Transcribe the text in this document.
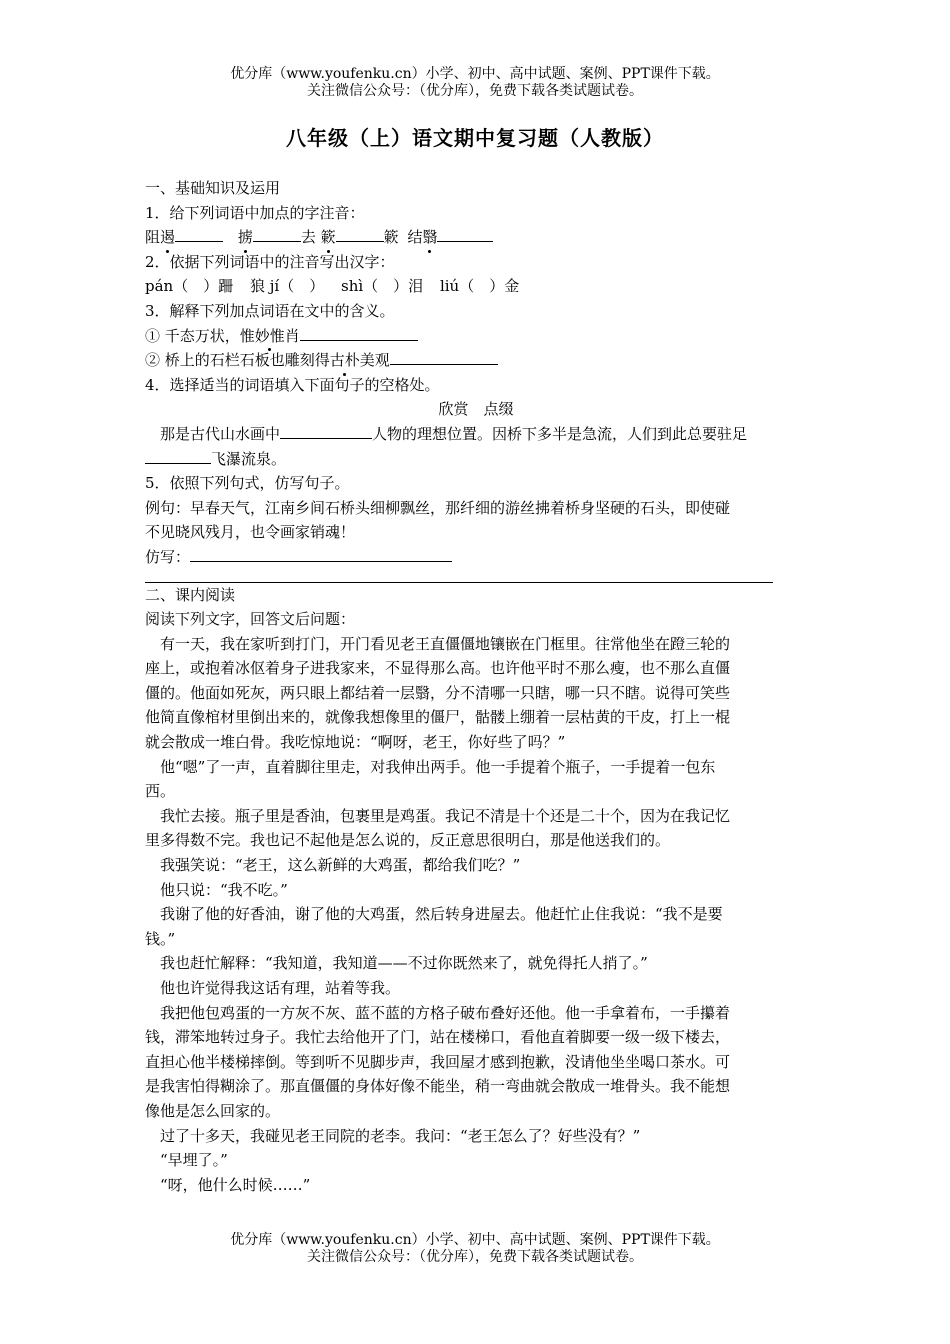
优分库（www.youfenku.cn）小学、初中、高中试题、案例、PPT课件下载。
关注微信公众号：（优分库），免费下载各类试题试卷。
八年级（上）语文期中复习题（人教版）
一、基础知识及运用
1．给下列词语中加点的字注音：
阻遏	掳	去 簌	簌 结翳
2．依据下列词语中的注音写出汉字：
pán（　）跚 狼 jí（　） shì（　）泪 liú（　）金
3．解释下列加点词语在文中的含义。
① 千态万状，惟妙惟肖
② 桥上的石栏石板也雕刻得古朴美观
4．选择适当的词语填入下面句子的空格处。
欣赏　点缀
那是古代山水画中	人物的理想位置。因桥下多半是急流，人们到此总要驻足
飞瀑流泉。
5．依照下列句式，仿写句子。
例句：早春天气，江南乡间石桥头细柳飘丝，那纤细的游丝拂着桥身坚硬的石头，即使碰
不见晓风残月，也令画家销魂！
仿写：
二、课内阅读
阅读下列文字，回答文后问题：
有一天，我在家听到打门，开门看见老王直僵僵地镶嵌在门框里。往常他坐在蹬三轮的
座上，或抱着冰伛着身子进我家来，不显得那么高。也许他平时不那么瘦，也不那么直僵
僵的。他面如死灰，两只眼上都结着一层翳，分不清哪一只瞎，哪一只不瞎。说得可笑些
他简直像棺材里倒出来的，就像我想像里的僵尸，骷髅上绷着一层枯黄的干皮，打上一棍
就会散成一堆白骨。我吃惊地说：“啊呀，老王，你好些了吗？”
他“嗯”了一声，直着脚往里走，对我伸出两手。他一手提着个瓶子，一手提着一包东
西。
我忙去接。瓶子里是香油，包裹里是鸡蛋。我记不清是十个还是二十个，因为在我记忆
里多得数不完。我也记不起他是怎么说的，反正意思很明白，那是他送我们的。
我强笑说：“老王，这么新鲜的大鸡蛋，都给我们吃？”
他只说：“我不吃。”
我谢了他的好香油，谢了他的大鸡蛋，然后转身进屋去。他赶忙止住我说：“我不是要
钱。”
我也赶忙解释：“我知道，我知道——不过你既然来了，就免得托人捎了。”
他也许觉得我这话有理，站着等我。
我把他包鸡蛋的一方灰不灰、蓝不蓝的方格子破布叠好还他。他一手拿着布，一手攥着
钱，滞笨地转过身子。我忙去给他开了门，站在楼梯口，看他直着脚要一级一级下楼去，
直担心他半楼梯摔倒。等到听不见脚步声，我回屋才感到抱歉，没请他坐坐喝口茶水。可
是我害怕得糊涂了。那直僵僵的身体好像不能坐，稍一弯曲就会散成一堆骨头。我不能想
像他是怎么回家的。
过了十多天，我碰见老王同院的老李。我问：“老王怎么了？好些没有？”
“早埋了。”
“呀，他什么时候……”
优分库（www.youfenku.cn）小学、初中、高中试题、案例、PPT课件下载。
关注微信公众号：（优分库），免费下载各类试题试卷。
